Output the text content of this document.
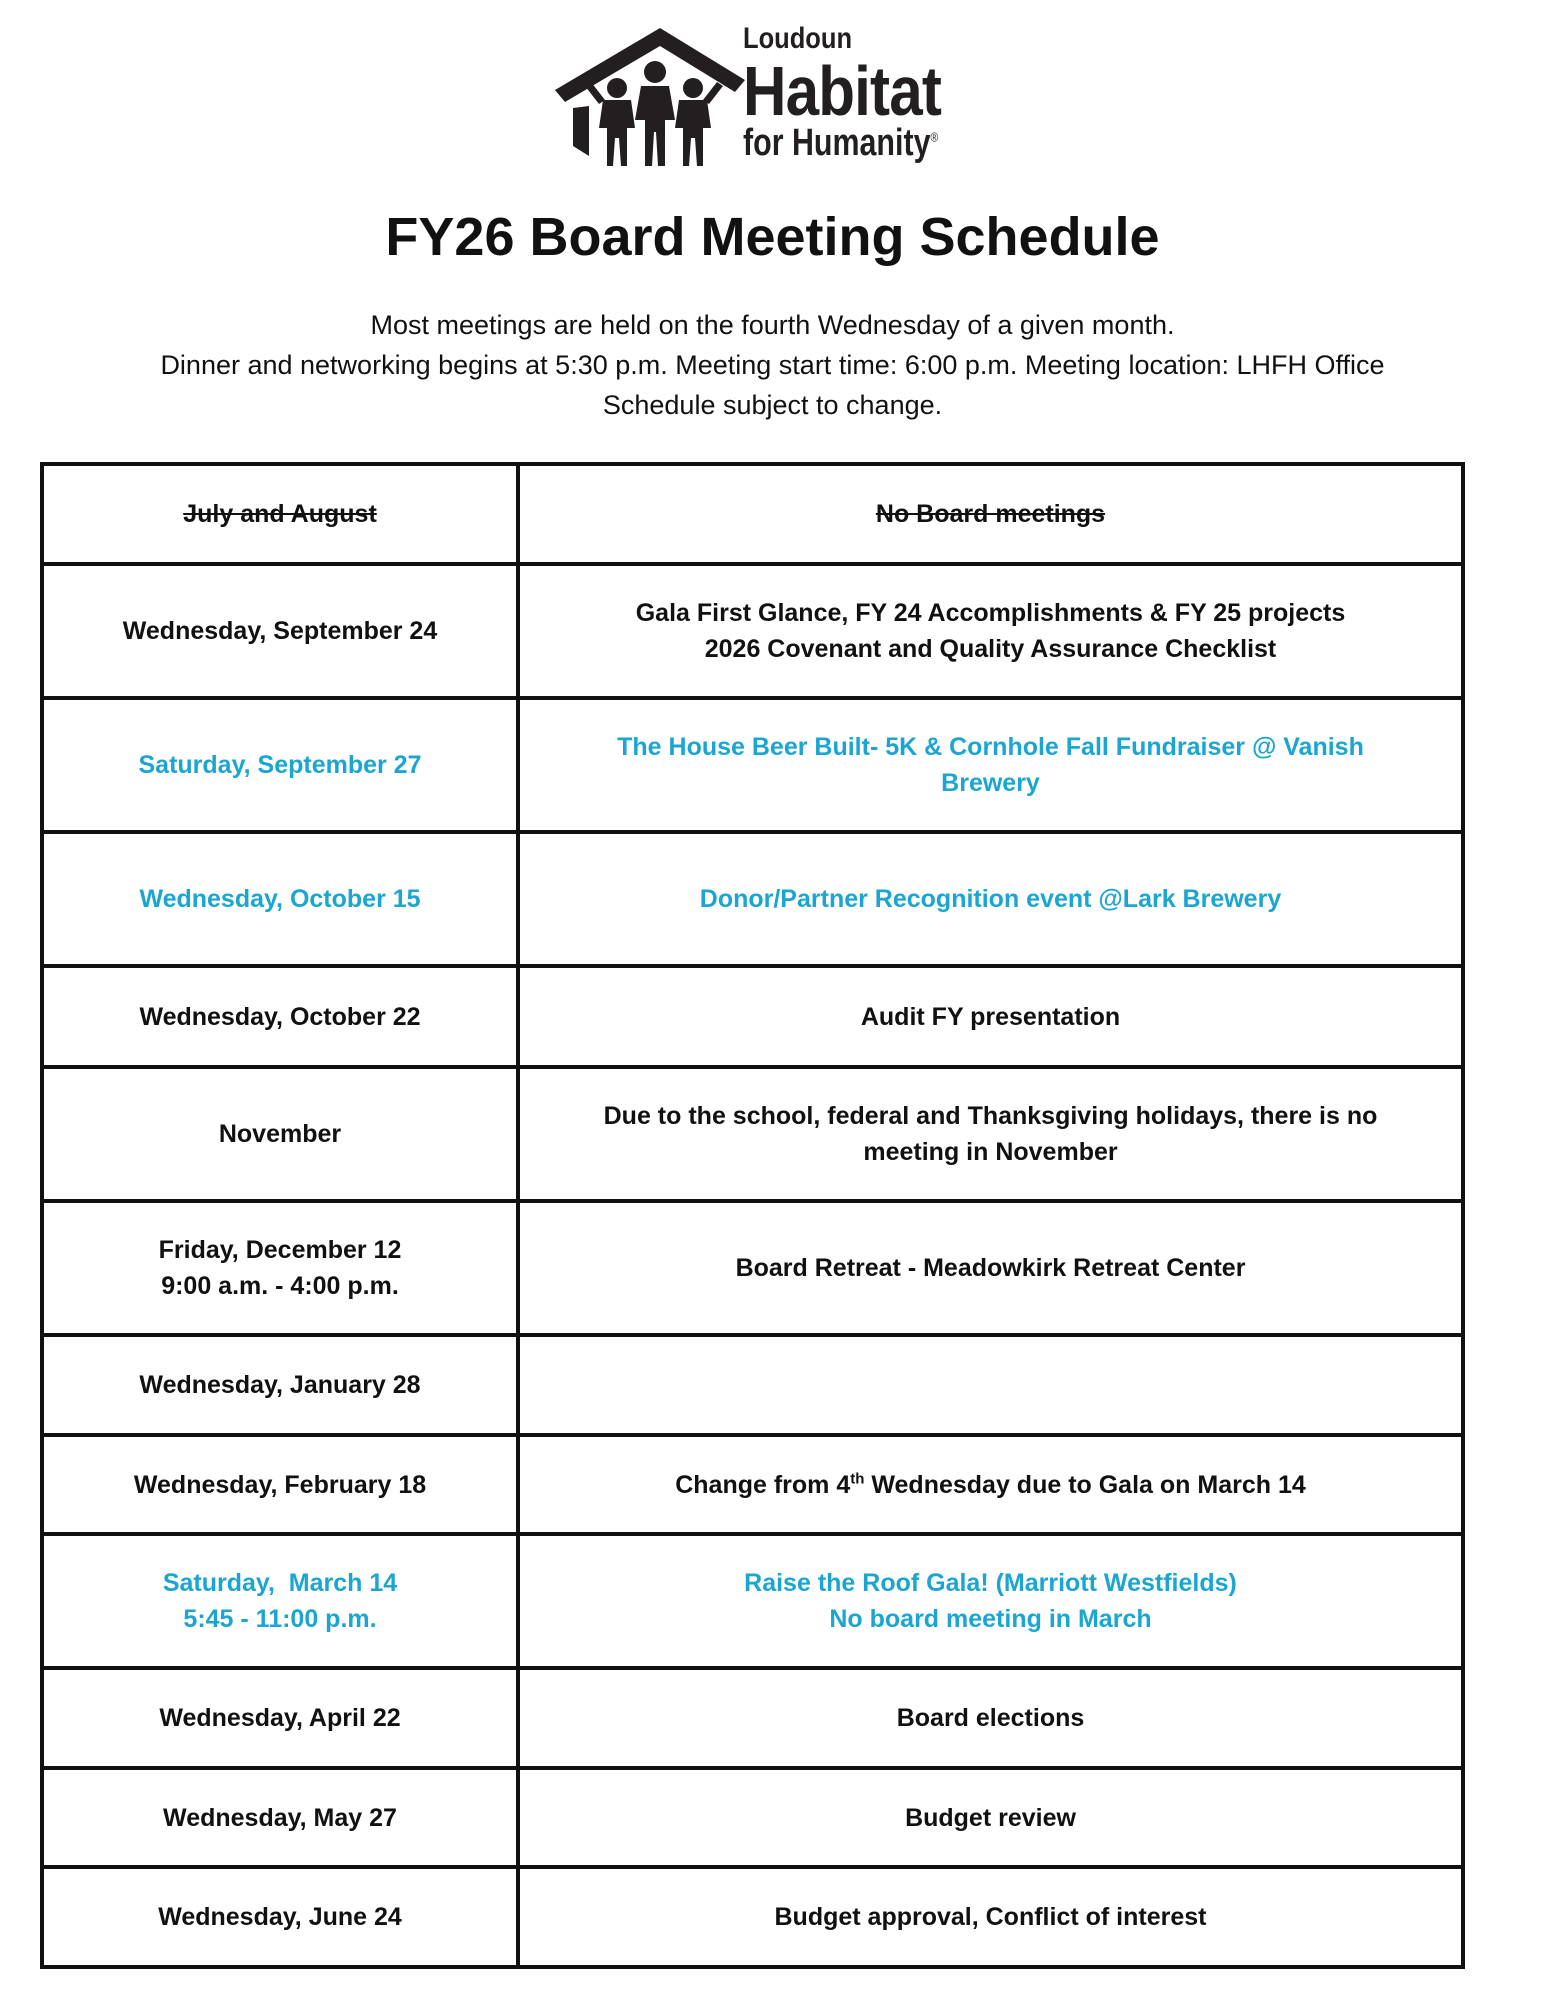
Loudoun
Habitat
for Humanity®
FY26 Board Meeting Schedule
Most meetings are held on the fourth Wednesday of a given month.
Dinner and networking begins at 5:30 p.m. Meeting start time: 6:00 p.m. Meeting location: LHFH Office
Schedule subject to change.
July and August	No Board meetings

Wednesday, September 24	Gala First Glance, FY 24 Accomplishments & FY 25 projects
2026 Covenant and Quality Assurance Checklist

Saturday, September 27	The House Beer Built- 5K & Cornhole Fall Fundraiser @ Vanish
Brewery

Wednesday, October 15	Donor/Partner Recognition event @Lark Brewery

Wednesday, October 22	Audit FY presentation

November	Due to the school, federal and Thanksgiving holidays, there is no
meeting in November

Friday, December 12
9:00 a.m. - 4:00 p.m.	Board Retreat - Meadowkirk Retreat Center

Wednesday, January 28	

Wednesday, February 18	Change from 4th Wednesday due to Gala on March 14

Saturday,  March 14
5:45 - 11:00 p.m.	Raise the Roof Gala! (Marriott Westfields)
No board meeting in March

Wednesday, April 22	Board elections

Wednesday, May 27	Budget review

Wednesday, June 24	Budget approval, Conflict of interest
